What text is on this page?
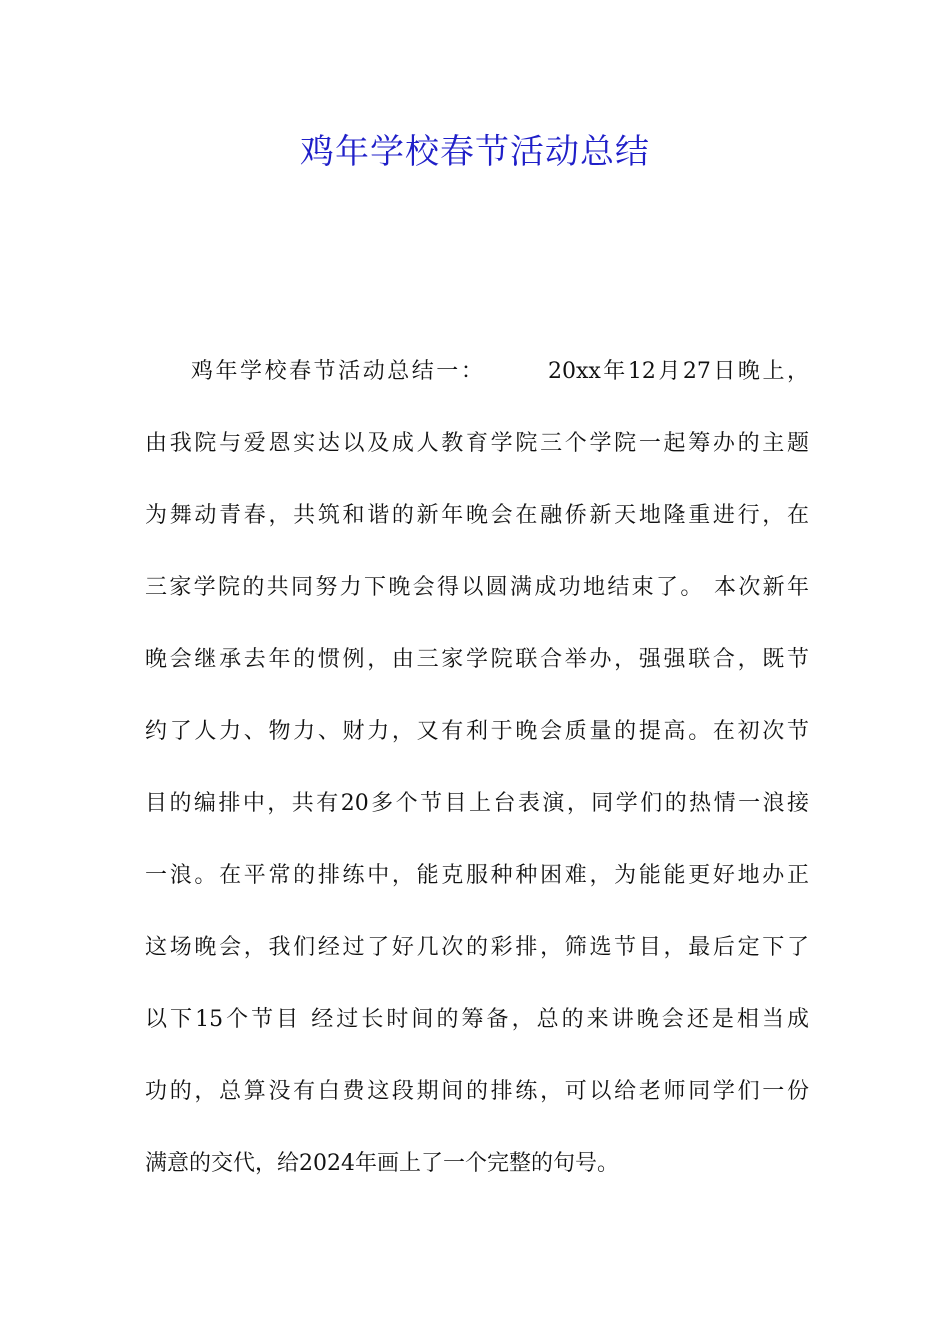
鸡年学校春节活动总结
鸡年学校春节活动总结一：　　　20xx年12月27日晚上，
由我院与爱恩实达以及成人教育学院三个学院一起筹办的主题
为舞动青春，共筑和谐的新年晚会在融侨新天地隆重进行，在
三家学院的共同努力下晚会得以圆满成功地结束了。 本次新年
晚会继承去年的惯例，由三家学院联合举办，强强联合，既节
约了人力、物力、财力，又有利于晚会质量的提高。在初次节
目的编排中，共有20多个节目上台表演，同学们的热情一浪接
一浪。在平常的排练中，能克服种种困难，为能能更好地办正
这场晚会，我们经过了好几次的彩排，筛选节目，最后定下了
以下15个节目 经过长时间的筹备，总的来讲晚会还是相当成
功的，总算没有白费这段期间的排练，可以给老师同学们一份
满意的交代，给2024年画上了一个完整的句号。
